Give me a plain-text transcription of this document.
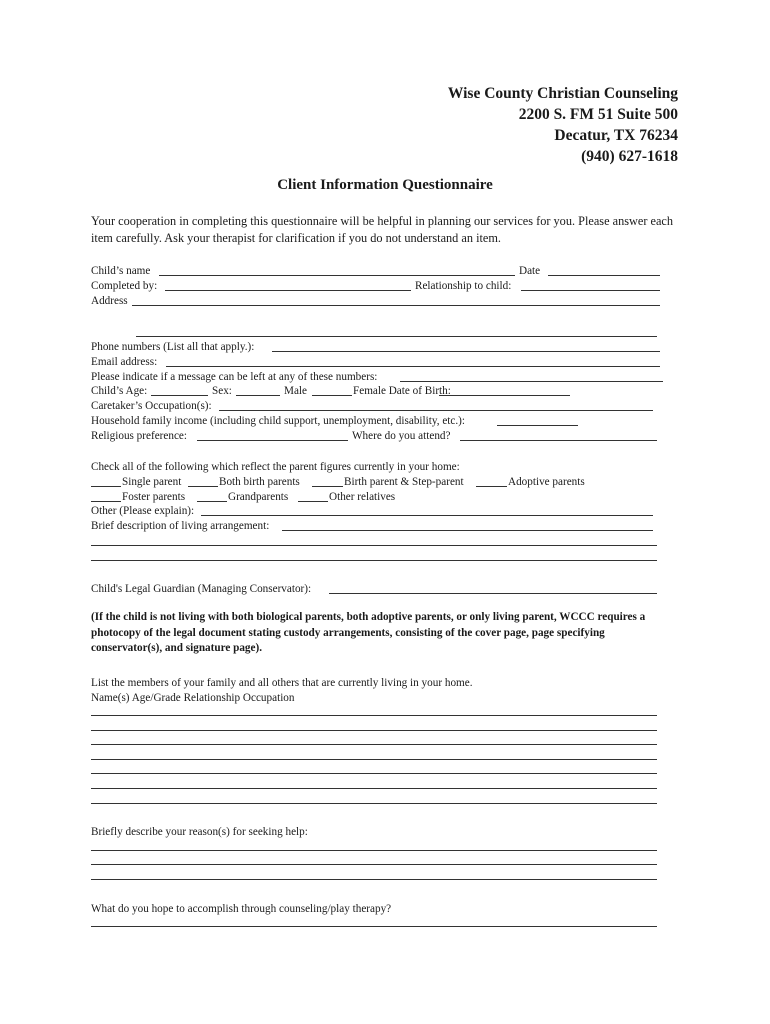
Wise County Christian Counseling
2200 S. FM 51 Suite 500
Decatur, TX 76234
(940) 627-1618
Client Information Questionnaire
Your cooperation in completing this questionnaire will be helpful in planning our services for you. Please answer each item carefully. Ask your therapist for clarification if you do not understand an item.
Child’s name	Date
Completed by:	Relationship to child:
Address
Phone numbers (List all that apply.):
Email address:
Please indicate if a message can be left at any of these numbers:
Child’s Age:	Sex:	Male	Female Date of Birth:
Caretaker’s Occupation(s):
Household family income (including child support, unemployment, disability, etc.):
Religious preference:	Where do you attend?
Check all of the following which reflect the parent figures currently in your home:
Single parent	Both birth parents	Birth parent & Step-parent	Adoptive parents
Foster parents	Grandparents	Other relatives
Other (Please explain):
Brief description of living arrangement:
Child's Legal Guardian (Managing Conservator):
(If the child is not living with both biological parents, both adoptive parents, or only living parent, WCCC requires a photocopy of the legal document stating custody arrangements, consisting of the cover page, page specifying conservator(s), and signature page).
List the members of your family and all others that are currently living in your home.
Name(s) Age/Grade Relationship Occupation
Briefly describe your reason(s) for seeking help:
What do you hope to accomplish through counseling/play therapy?
